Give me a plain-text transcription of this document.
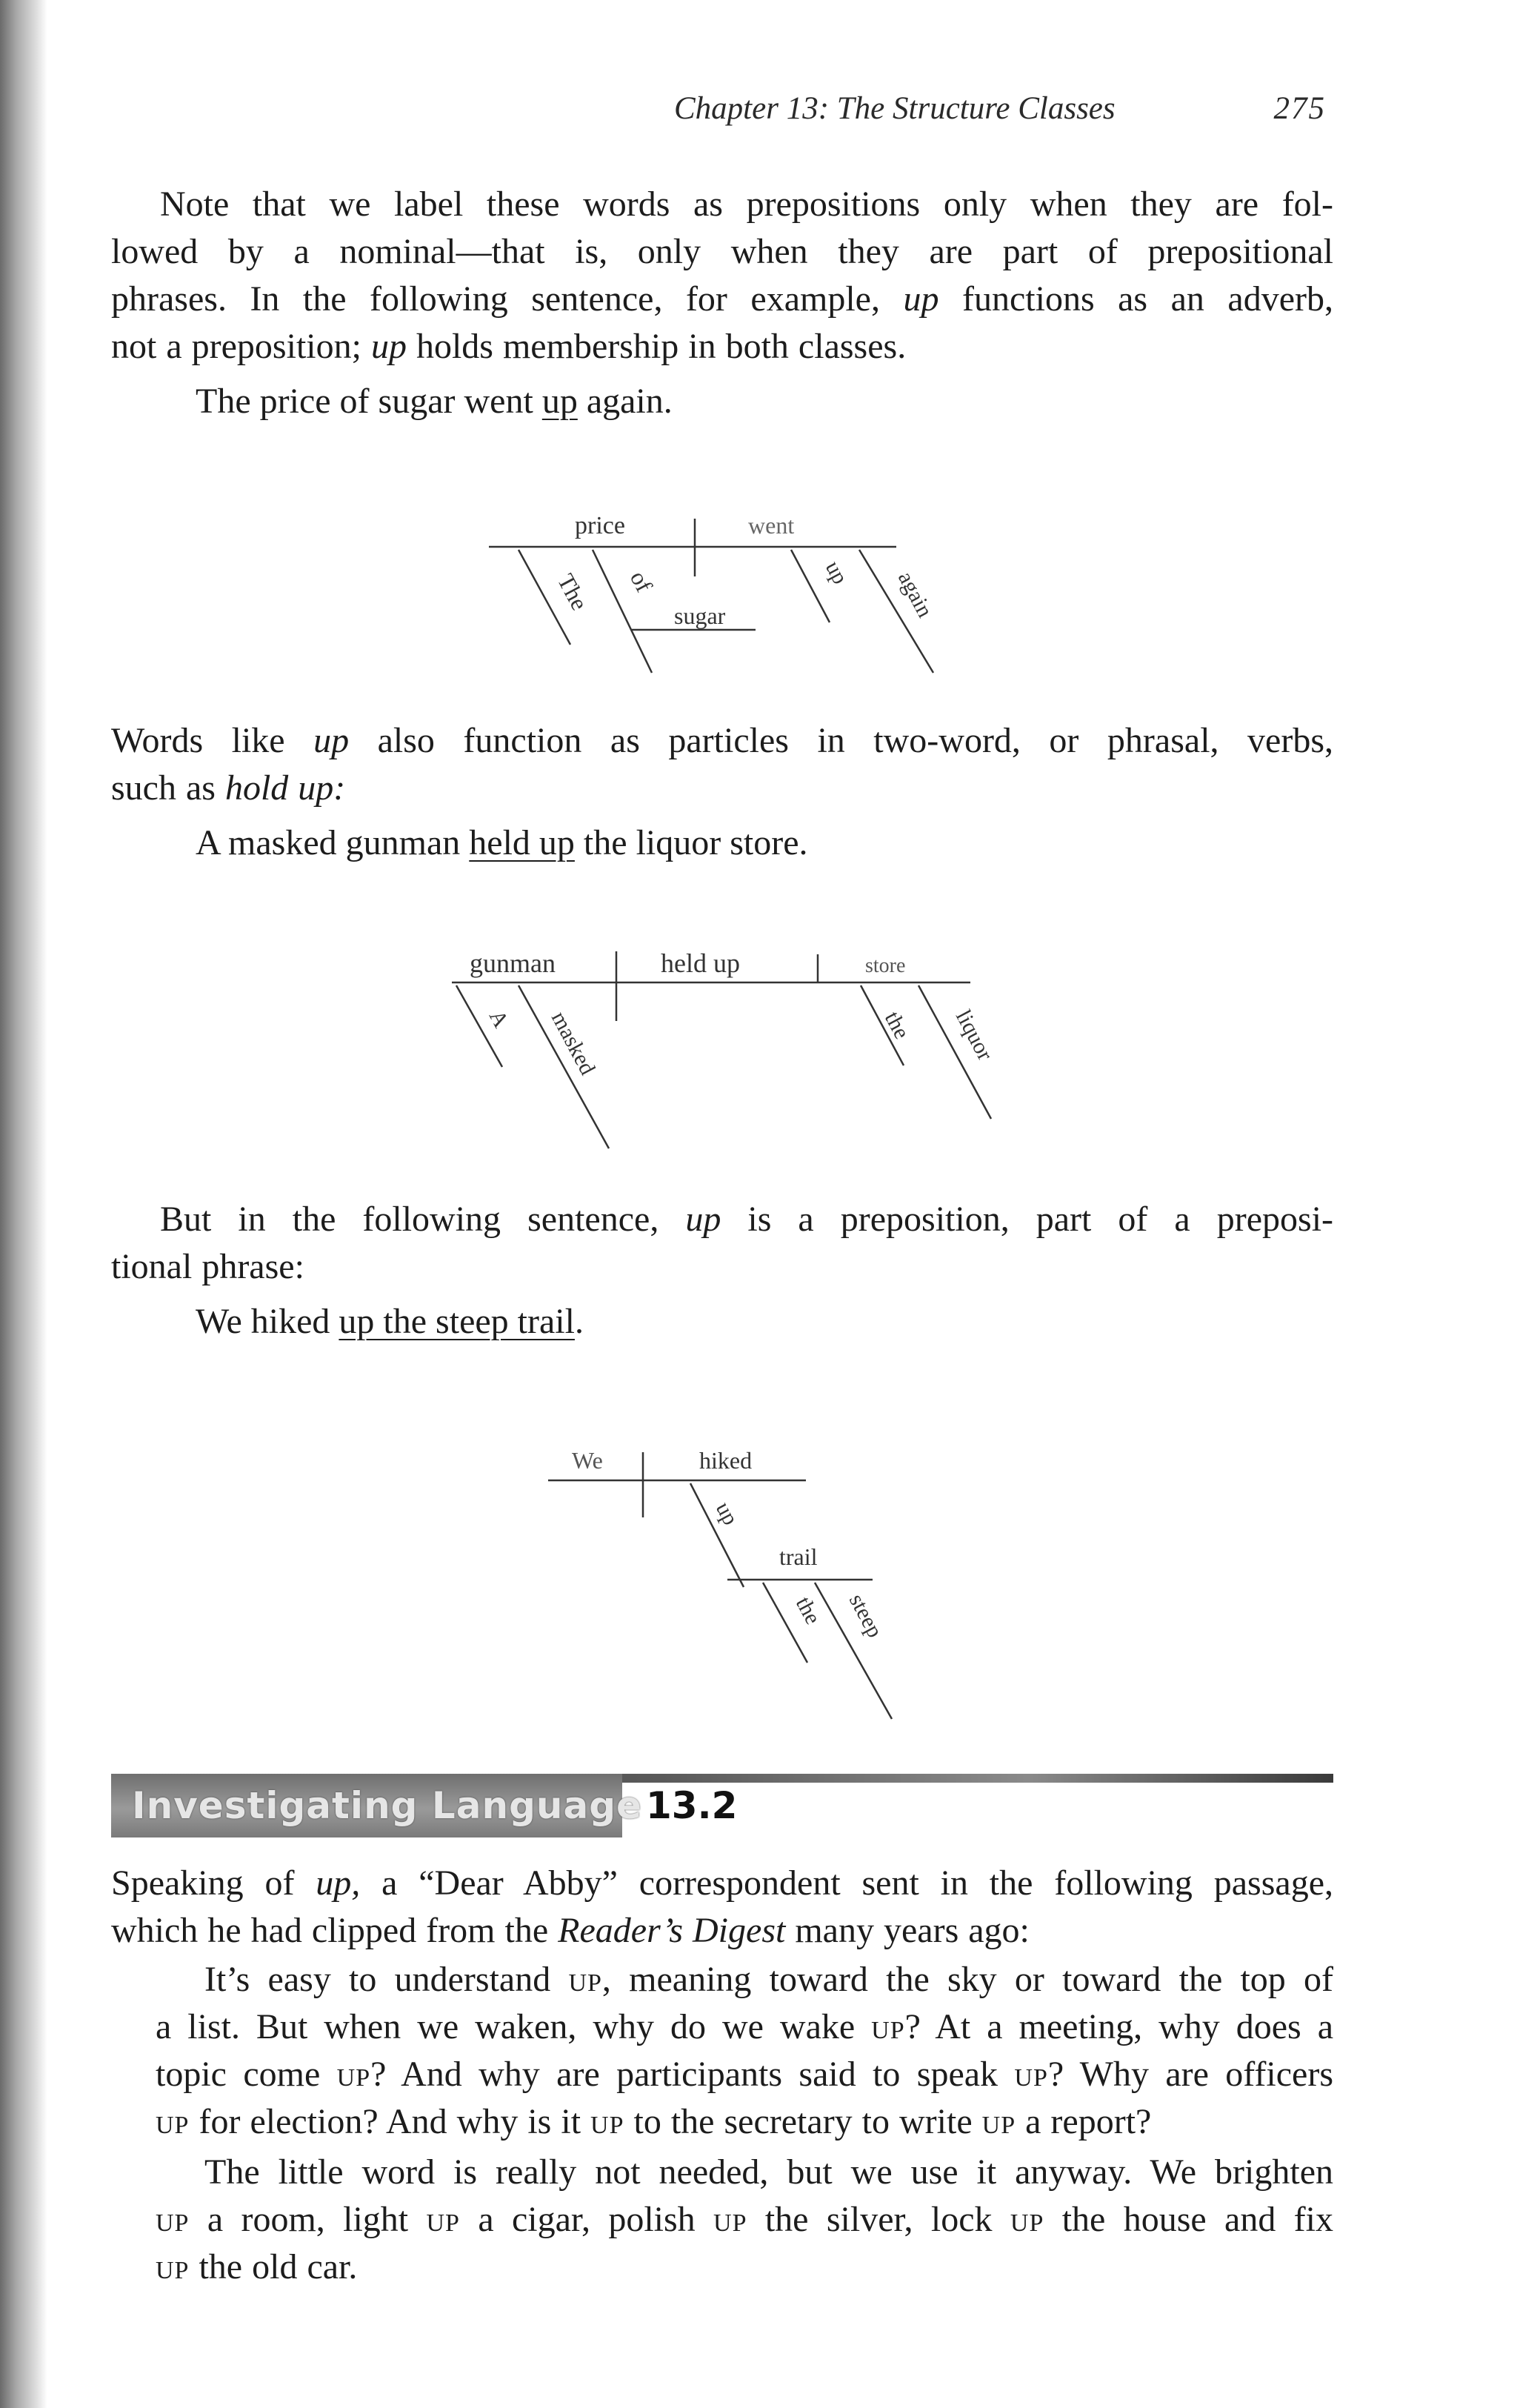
Chapter 13: The Structure Classes	275

Note that we label these words as prepositions only when they are fol-

lowed by a nominal—that is, only when they are part of prepositional

phrases. In the following sentence, for example, up functions as an adverb,

not a preposition; up holds membership in both classes.

The price of sugar went up again.

price	went
The of
sugar
up again

Words like up also function as particles in two-word, or phrasal, verbs,

such as hold up:

A masked gunman held up the liquor store.

gunman	held up	store
A masked	the liquor

But in the following sentence, up is a preposition, part of a preposi-

tional phrase:

We hiked up the steep trail.

We	hiked
up
trail
the steep
Investigating Language 13.2

Speaking of up, a “Dear Abby” correspondent sent in the following passage,

which he had clipped from the Reader’s Digest many years ago:

It’s easy to understand UP, meaning toward the sky or toward the top of

a list. But when we waken, why do we wake UP? At a meeting, why does a

topic come UP? And why are participants said to speak UP? Why are officers

UP for election? And why is it UP to the secretary to write UP a report?

The little word is really not needed, but we use it anyway. We brighten

UP a room, light UP a cigar, polish UP the silver, lock UP the house and fix

UP the old car.
